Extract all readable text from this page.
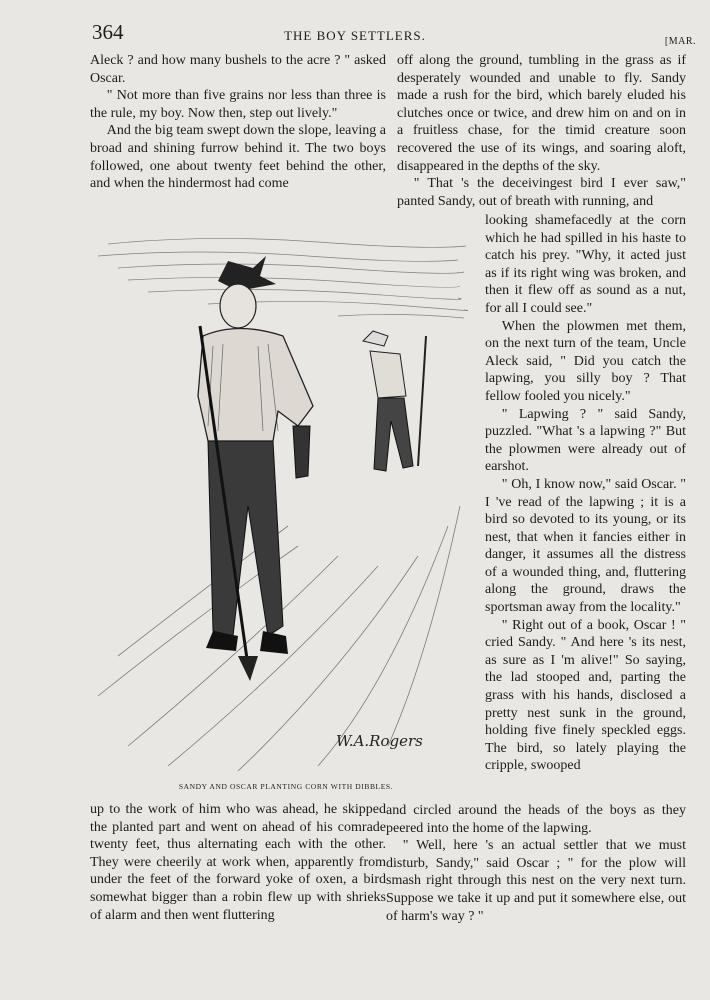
364	THE BOY SETTLERS.	[MAR.

Aleck ? and how many bushels to the acre ? " asked Oscar.

" Not more than five grains nor less than three is the rule, my boy. Now then, step out lively."

And the big team swept down the slope, leaving a broad and shining furrow behind it. The two boys followed, one about twenty feet behind the other, and when the hindermost had come

off along the ground, tumbling in the grass as if desperately wounded and unable to fly. Sandy made a rush for the bird, which barely eluded his clutches once or twice, and drew him on and on in a fruitless chase, for the timid creature soon recovered the use of its wings, and soaring aloft, disappeared in the depths of the sky.

" That 's the deceivingest bird I ever saw," panted Sandy, out of breath with running, and

looking shamefacedly at the corn which he had spilled in his haste to catch his prey. "Why, it acted just as if its right wing was broken, and then it flew off as sound as a nut, for all I could see."

When the plowmen met them, on the next turn of the team, Uncle Aleck said, " Did you catch the lapwing, you silly boy ? That fellow fooled you nicely."

" Lapwing ? " said Sandy, puzzled. "What 's a lapwing ?" But the plowmen were already out of earshot.

" Oh, I know now," said Oscar. " I 've read of the lapwing ; it is a bird so devoted to its young, or its nest, that when it fancies either in danger, it assumes all the distress of a wounded thing, and, fluttering along the ground, draws the sportsman away from the locality."

" Right out of a book, Oscar ! " cried Sandy. " And here 's its nest, as sure as I 'm alive!" So saying, the lad stooped and, parting the grass with his hands, disclosed a pretty nest sunk in the ground, holding five finely speckled eggs. The bird, so lately playing the cripple, swooped

W.A.Rogers
SANDY AND OSCAR PLANTING CORN WITH DIBBLES.

up to the work of him who was ahead, he skipped the planted part and went on ahead of his comrade twenty feet, thus alternating each with the other. They were cheerily at work when, apparently from under the feet of the forward yoke of oxen, a bird somewhat bigger than a robin flew up with shrieks of alarm and then went fluttering

and circled around the heads of the boys as they peered into the home of the lapwing.

" Well, here 's an actual settler that we must disturb, Sandy," said Oscar ; " for the plow will smash right through this nest on the very next turn. Suppose we take it up and put it somewhere else, out of harm's way ? "
